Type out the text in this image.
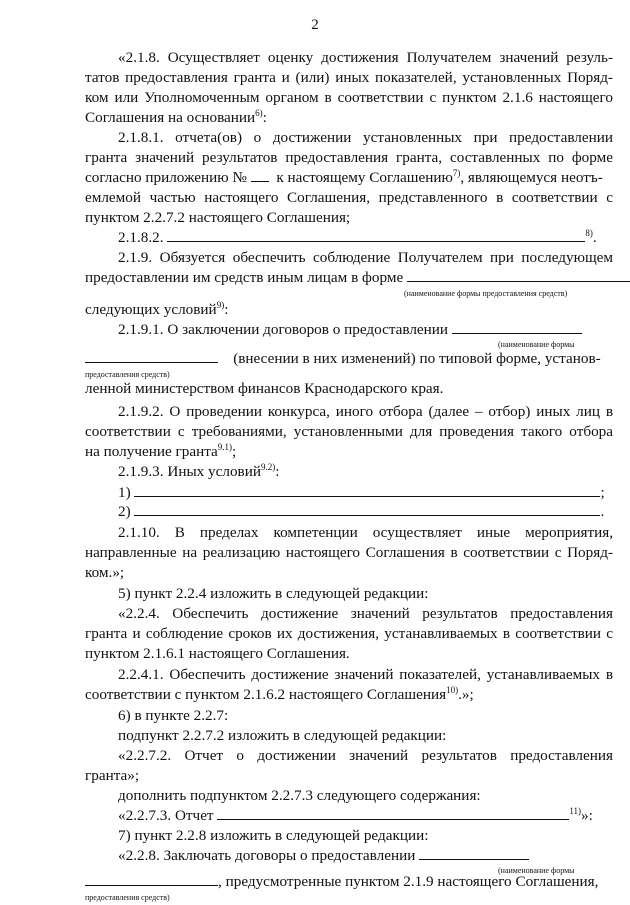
2
«2.1.8. Осуществляет оценку достижения Получателем значений резуль-
татов предоставления гранта и (или) иных показателей, установленных Поряд-
ком или Уполномоченным органом в соответствии с пунктом 2.1.6 настоящего
Соглашения на основании$^{6)}$:
2.1.8.1. отчета(ов) о достижении установленных при предоставлении
гранта значений результатов предоставления гранта, составленных по форме
согласно приложению № к настоящему Соглашению$^{7)}$, являющемуся неотъ-
емлемой частью настоящего Соглашения, представленного в соответствии с
пунктом 2.2.7.2 настоящего Соглашения;
2.1.8.2.	$^{8)}$.
2.1.9. Обязуется обеспечить соблюдение Получателем при последующем
предоставлении им средств иным лицам в форме
(наименование формы предоставления средств)
следующих условий$^{9)}$:
2.1.9.1. О заключении договоров о предоставлении
(наименование формы
(внесении в них изменений) по типовой форме, установ-
предоставления средств)
ленной министерством финансов Краснодарского края.
2.1.9.2. О проведении конкурса, иного отбора (далее – отбор) иных лиц в
соответствии с требованиями, установленными для проведения такого отбора
на получение гранта$^{9.1)}$;
2.1.9.3. Иных условий$^{9.2)}$:
1)	;
2)	.
2.1.10. В пределах компетенции осуществляет иные мероприятия,
направленные на реализацию настоящего Соглашения в соответствии с Поряд-
ком.»;
5) пункт 2.2.4 изложить в следующей редакции:
«2.2.4. Обеспечить достижение значений результатов предоставления
гранта и соблюдение сроков их достижения, устанавливаемых в соответствии с
пунктом 2.1.6.1 настоящего Соглашения.
2.2.4.1. Обеспечить достижение значений показателей, устанавливаемых в
соответствии с пунктом 2.1.6.2 настоящего Соглашения$^{10)}$.»;
6) в пункте 2.2.7:
подпункт 2.2.7.2 изложить в следующей редакции:
«2.2.7.2. Отчет о достижении значений результатов предоставления
гранта»;
дополнить подпунктом 2.2.7.3 следующего содержания:
«2.2.7.3. Отчет	$^{11)}$»:
7) пункт 2.2.8 изложить в следующей редакции:
«2.2.8. Заключать договоры о предоставлении
(наименование формы
, предусмотренные пунктом 2.1.9 настоящего Соглашения,
предоставления средств)
